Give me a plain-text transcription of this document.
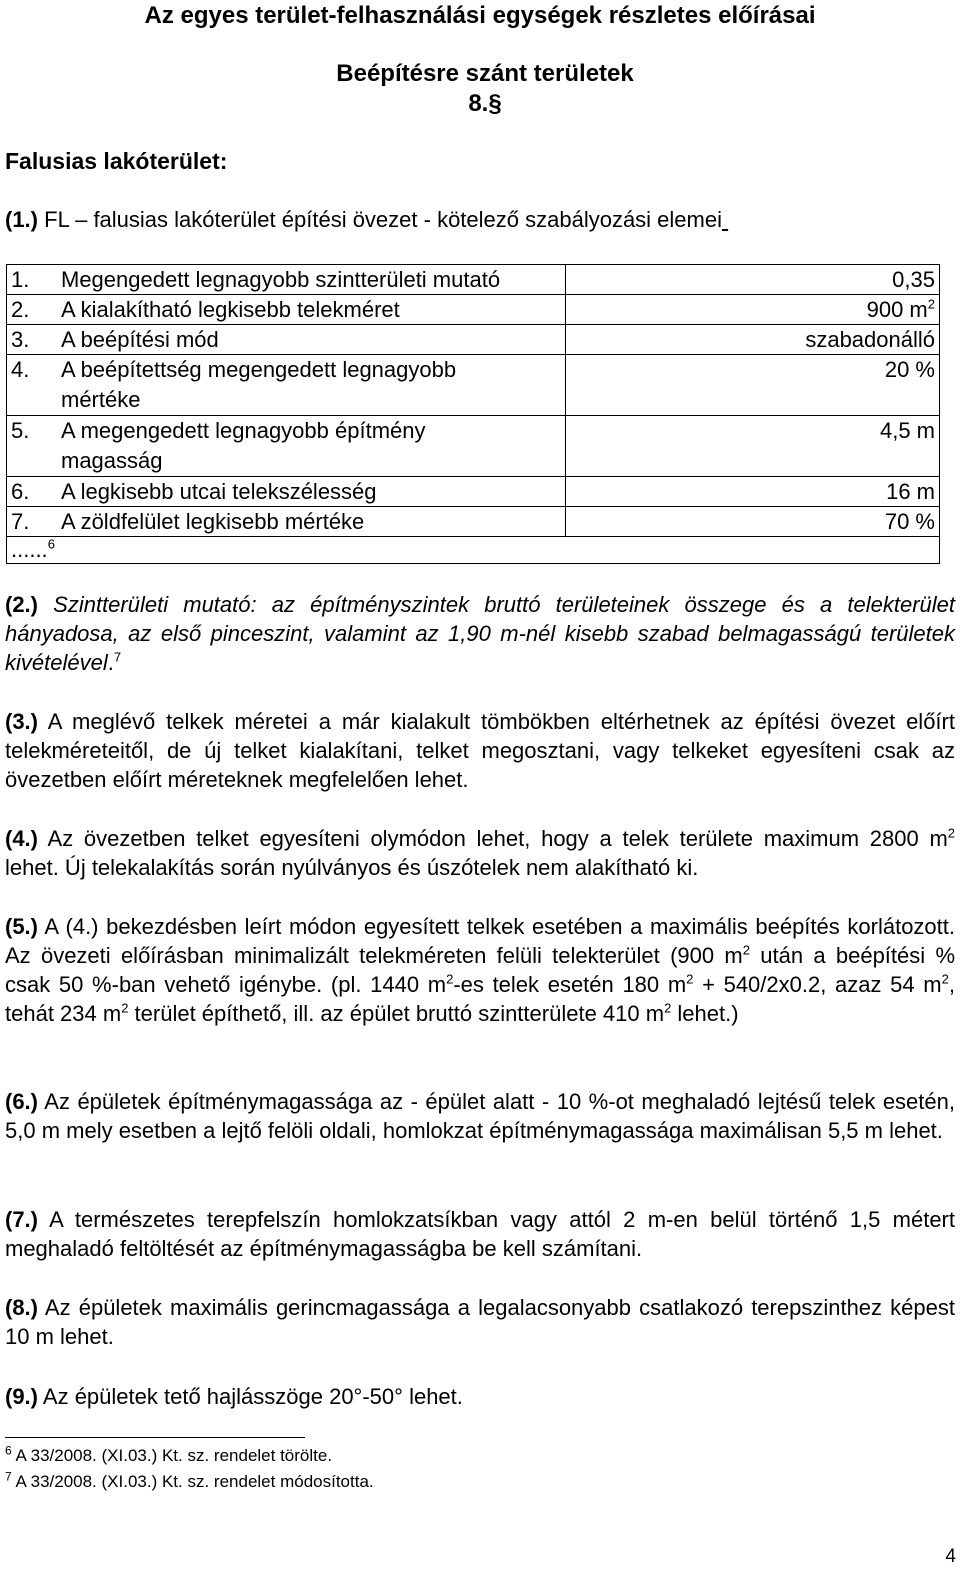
Az egyes terület-felhasználási egységek részletes előírásai
Beépítésre szánt területek
8.§
Falusias lakóterület:
(1.) FL – falusias lakóterület építési övezet - kötelező szabályozási elemei
1.	Megengedett legnagyobb szintterületi mutató	0,35
2.	A kialakítható legkisebb telekméret	900 $m^2$
3.	A beépítési mód	szabadonálló
4.	A beépítettség megengedett legnagyobb
mértéke	20 %
5.	A megengedett legnagyobb építmény
magasság	4,5 m
6.	A legkisebb utcai telekszélesség	16 m
7.	A zöldfelület legkisebb mértéke	70 %
......$^6$
(2.) Szintterületi mutató: az építményszintek bruttó területeinek összege és a telekterület hányadosa, az első pinceszint, valamint az 1,90 m-nél kisebb szabad belmagasságú területek kivételével.$^7$
(3.) A meglévő telkek méretei a már kialakult tömbökben eltérhetnek az építési övezet előírt telekméreteitől, de új telket kialakítani, telket megosztani, vagy telkeket egyesíteni csak az övezetben előírt méreteknek megfelelően lehet.
(4.) Az övezetben telket egyesíteni olymódon lehet, hogy a telek területe maximum 2800 $m^2$ lehet. Új telekalakítás során nyúlványos és úszótelek nem alakítható ki.
(5.) A (4.) bekezdésben leírt módon egyesített telkek esetében a maximális beépítés korlátozott. Az övezeti előírásban minimalizált telekméreten felüli telekterület (900 $m^2$ után a beépítési % csak 50 %-ban vehető igénybe. (pl. 1440 $m^2-es$ telek esetén 180 $m^2 + 540/2x0.2$, azaz 54 $m^2$, tehát 234 $m^2$ terület építhető, ill. az épület bruttó szintterülete 410 $m^2$ lehet.)
(6.) Az épületek építménymagassága az - épület alatt - 10 %-ot meghaladó lejtésű telek esetén, 5,0 m mely esetben a lejtő felöli oldali, homlokzat építménymagassága maximálisan 5,5 m lehet.
(7.) A természetes terepfelszín homlokzatsíkban vagy attól 2 m-en belül történő 1,5 métert meghaladó feltöltését az építménymagasságba be kell számítani.
(8.) Az épületek maximális gerincmagassága a legalacsonyabb csatlakozó terepszinthez képest 10 m lehet.
(9.) Az épületek tető hajlásszöge 20°-50° lehet.
$^6$ A 33/2008. (XI.03.) Kt. sz. rendelet törölte.
$^7$ A 33/2008. (XI.03.) Kt. sz. rendelet módosította.
4
